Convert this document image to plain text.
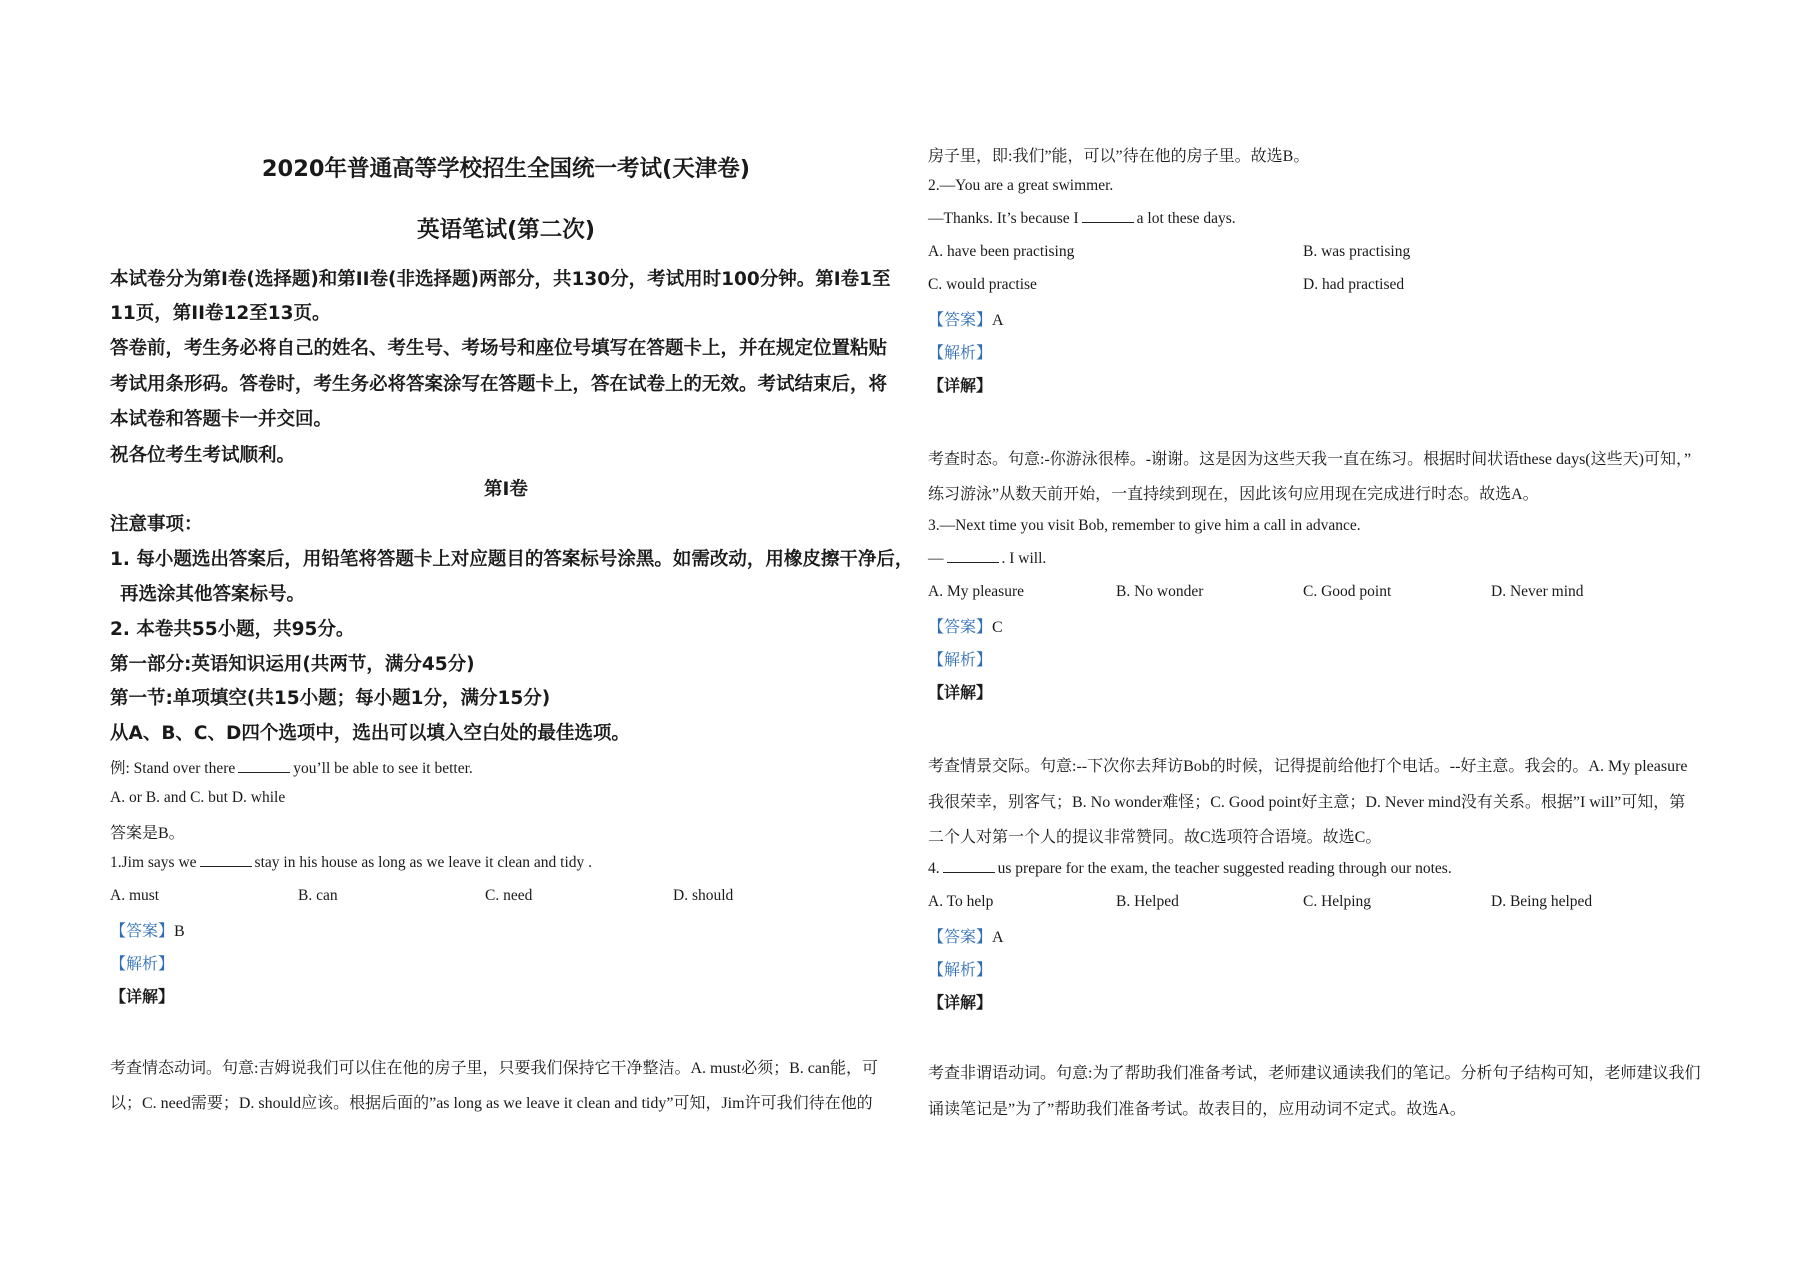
2020年普通高等学校招生全国统一考试(天津卷)
英语笔试(第二次)
本试卷分为第I卷(选择题)和第II卷(非选择题)两部分，共130分，考试用时100分钟。第I卷1至
11页，第II卷12至13页。
答卷前，考生务必将自己的姓名、考生号、考场号和座位号填写在答题卡上，并在规定位置粘贴
考试用条形码。答卷时，考生务必将答案涂写在答题卡上，答在试卷上的无效。考试结束后，将
本试卷和答题卡一并交回。
祝各位考生考试顺利。
第I卷
注意事项：
1. 每小题选出答案后，用铅笔将答题卡上对应题目的答案标号涂黑。如需改动，用橡皮擦干净后，
再选涂其他答案标号。
2. 本卷共55小题，共95分。
第一部分:英语知识运用(共两节，满分45分)
第一节:单项填空(共15小题；每小题1分，满分15分)
从A、B、C、D四个选项中，选出可以填入空白处的最佳选项。
例: Stand over there	you’ll be able to see it better.
A. or B. and C. but D. while
答案是B。
1.Jim says we	stay in his house as long as we leave it clean and tidy .
A. must	B. can	C. need	D. should
【答案】B
【解析】
【详解】
考查情态动词。句意:吉姆说我们可以住在他的房子里，只要我们保持它干净整洁。A. must必须；B. can能，可
以；C. need需要；D. should应该。根据后面的”as long as we leave it clean and tidy”可知，Jim许可我们待在他的
房子里，即:我们”能，可以”待在他的房子里。故选B。
2.—You are a great swimmer.
—Thanks. It’s because I	a lot these days.
A. have been practising	B. was practising
C. would practise	D. had practised
【答案】A
【解析】
【详解】
考查时态。句意:-你游泳很棒。-谢谢。这是因为这些天我一直在练习。根据时间状语these days(这些天)可知，”
练习游泳”从数天前开始，一直持续到现在，因此该句应用现在完成进行时态。故选A。
3.—Next time you visit Bob, remember to give him a call in advance.
—	. I will.
A. My pleasure	B. No wonder	C. Good point	D. Never mind
【答案】C
【解析】
【详解】
考查情景交际。句意:--下次你去拜访Bob的时候，记得提前给他打个电话。--好主意。我会的。A. My pleasure
我很荣幸，别客气；B. No wonder难怪；C. Good point好主意；D. Never mind没有关系。根据”I will”可知，第
二个人对第一个人的提议非常赞同。故C选项符合语境。故选C。
4.	us prepare for the exam, the teacher suggested reading through our notes.
A. To help	B. Helped	C. Helping	D. Being helped
【答案】A
【解析】
【详解】
考查非谓语动词。句意:为了帮助我们准备考试，老师建议通读我们的笔记。分析句子结构可知，老师建议我们
诵读笔记是”为了”帮助我们准备考试。故表目的，应用动词不定式。故选A。
